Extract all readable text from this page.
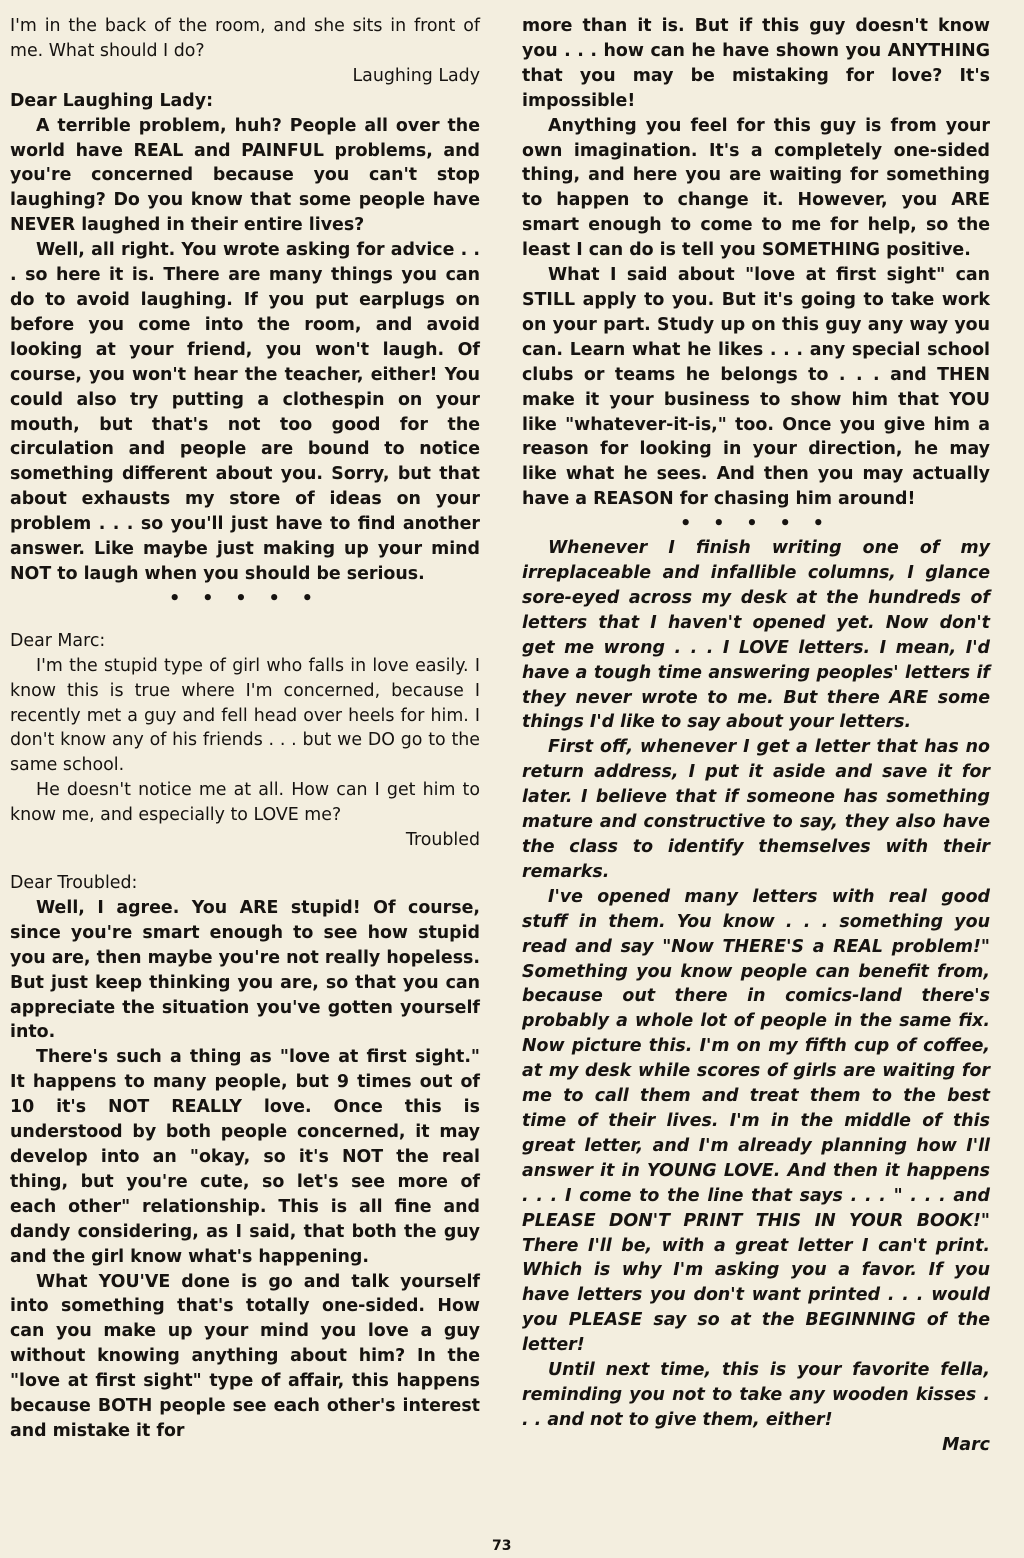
I'm in the back of the room, and she sits in front of me. What should I do?

Laughing Lady

Dear Laughing Lady:

A terrible problem, huh? People all over the world have REAL and PAINFUL problems, and you're concerned because you can't stop laughing? Do you know that some people have NEVER laughed in their entire lives?

Well, all right. You wrote asking for advice . . . so here it is. There are many things you can do to avoid laughing. If you put earplugs on before you come into the room, and avoid looking at your friend, you won't laugh. Of course, you won't hear the teacher, either! You could also try putting a clothespin on your mouth, but that's not too good for the circulation and people are bound to notice something different about you. Sorry, but that about exhausts my store of ideas on your problem . . . so you'll just have to find another answer. Like maybe just making up your mind NOT to laugh when you should be serious.

• • • • •

Dear Marc:

I'm the stupid type of girl who falls in love easily. I know this is true where I'm concerned, because I recently met a guy and fell head over heels for him. I don't know any of his friends . . . but we DO go to the same school.

He doesn't notice me at all. How can I get him to know me, and especially to LOVE me?

Troubled

Dear Troubled:

Well, I agree. You ARE stupid! Of course, since you're smart enough to see how stupid you are, then maybe you're not really hopeless. But just keep thinking you are, so that you can appreciate the situation you've gotten yourself into.

There's such a thing as "love at first sight." It happens to many people, but 9 times out of 10 it's NOT REALLY love. Once this is understood by both people concerned, it may develop into an "okay, so it's NOT the real thing, but you're cute, so let's see more of each other" relationship. This is all fine and dandy considering, as I said, that both the guy and the girl know what's happening.

What YOU'VE done is go and talk yourself into something that's totally one-sided. How can you make up your mind you love a guy without knowing anything about him? In the "love at first sight" type of affair, this happens because BOTH people see each other's interest and mistake it for

more than it is. But if this guy doesn't know you . . . how can he have shown you ANYTHING that you may be mistaking for love? It's impossible!

Anything you feel for this guy is from your own imagination. It's a completely one-sided thing, and here you are waiting for something to happen to change it. However, you ARE smart enough to come to me for help, so the least I can do is tell you SOMETHING positive.

What I said about "love at first sight" can STILL apply to you. But it's going to take work on your part. Study up on this guy any way you can. Learn what he likes . . . any special school clubs or teams he belongs to . . . and THEN make it your business to show him that YOU like "whatever-it-is," too. Once you give him a reason for looking in your direction, he may like what he sees. And then you may actually have a REASON for chasing him around!

• • • • •

Whenever I finish writing one of my irreplaceable and infallible columns, I glance sore-eyed across my desk at the hundreds of letters that I haven't opened yet. Now don't get me wrong . . . I LOVE letters. I mean, I'd have a tough time answering peoples' letters if they never wrote to me. But there ARE some things I'd like to say about your letters.

First off, whenever I get a letter that has no return address, I put it aside and save it for later. I believe that if someone has something mature and constructive to say, they also have the class to identify themselves with their remarks.

I've opened many letters with real good stuff in them. You know . . . something you read and say "Now THERE'S a REAL problem!" Something you know people can benefit from, because out there in comics-land there's probably a whole lot of people in the same fix. Now picture this. I'm on my fifth cup of coffee, at my desk while scores of girls are waiting for me to call them and treat them to the best time of their lives. I'm in the middle of this great letter, and I'm already planning how I'll answer it in YOUNG LOVE. And then it happens . . . I come to the line that says . . . " . . . and PLEASE DON'T PRINT THIS IN YOUR BOOK!" There I'll be, with a great letter I can't print. Which is why I'm asking you a favor. If you have letters you don't want printed . . . would you PLEASE say so at the BEGINNING of the letter!

Until next time, this is your favorite fella, reminding you not to take any wooden kisses . . . and not to give them, either!

Marc

73
